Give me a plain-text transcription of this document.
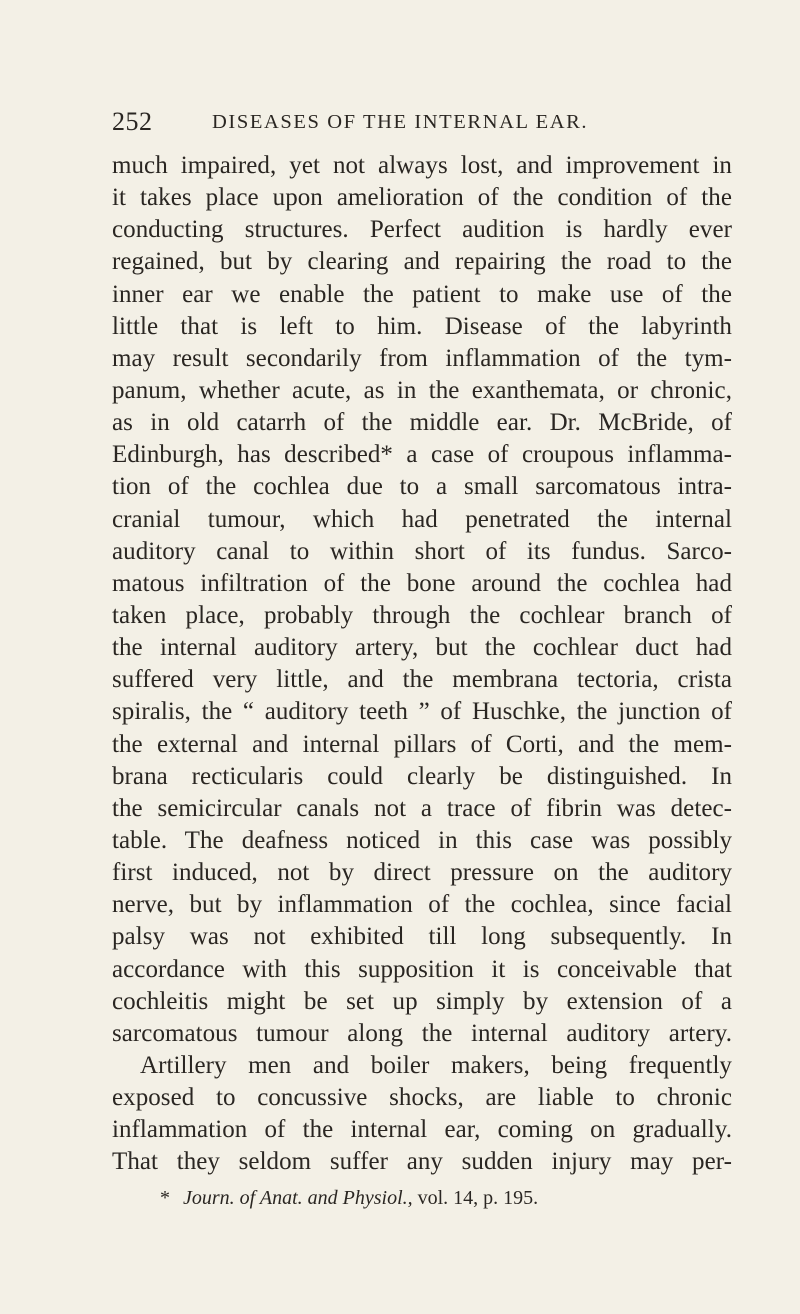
252	DISEASES OF THE INTERNAL EAR.
much impaired, yet not always lost, and improvement in
it takes place upon amelioration of the condition of the
conducting structures. Perfect audition is hardly ever
regained, but by clearing and repairing the road to the
inner ear we enable the patient to make use of the
little that is left to him. Disease of the labyrinth
may result secondarily from inflammation of the tym-
panum, whether acute, as in the exanthemata, or chronic,
as in old catarrh of the middle ear. Dr. McBride, of
Edinburgh, has described* a case of croupous inflamma-
tion of the cochlea due to a small sarcomatous intra-
cranial tumour, which had penetrated the internal
auditory canal to within short of its fundus. Sarco-
matous infiltration of the bone around the cochlea had
taken place, probably through the cochlear branch of
the internal auditory artery, but the cochlear duct had
suffered very little, and the membrana tectoria, crista
spiralis, the “ auditory teeth ” of Huschke, the junction of
the external and internal pillars of Corti, and the mem-
brana recticularis could clearly be distinguished. In
the semicircular canals not a trace of fibrin was detec-
table. The deafness noticed in this case was possibly
first induced, not by direct pressure on the auditory
nerve, but by inflammation of the cochlea, since facial
palsy was not exhibited till long subsequently. In
accordance with this supposition it is conceivable that
cochleitis might be set up simply by extension of a
sarcomatous tumour along the internal auditory artery.
Artillery men and boiler makers, being frequently
exposed to concussive shocks, are liable to chronic
inflammation of the internal ear, coming on gradually.
That they seldom suffer any sudden injury may per-
* Journ. of Anat. and Physiol., vol. 14, p. 195.
